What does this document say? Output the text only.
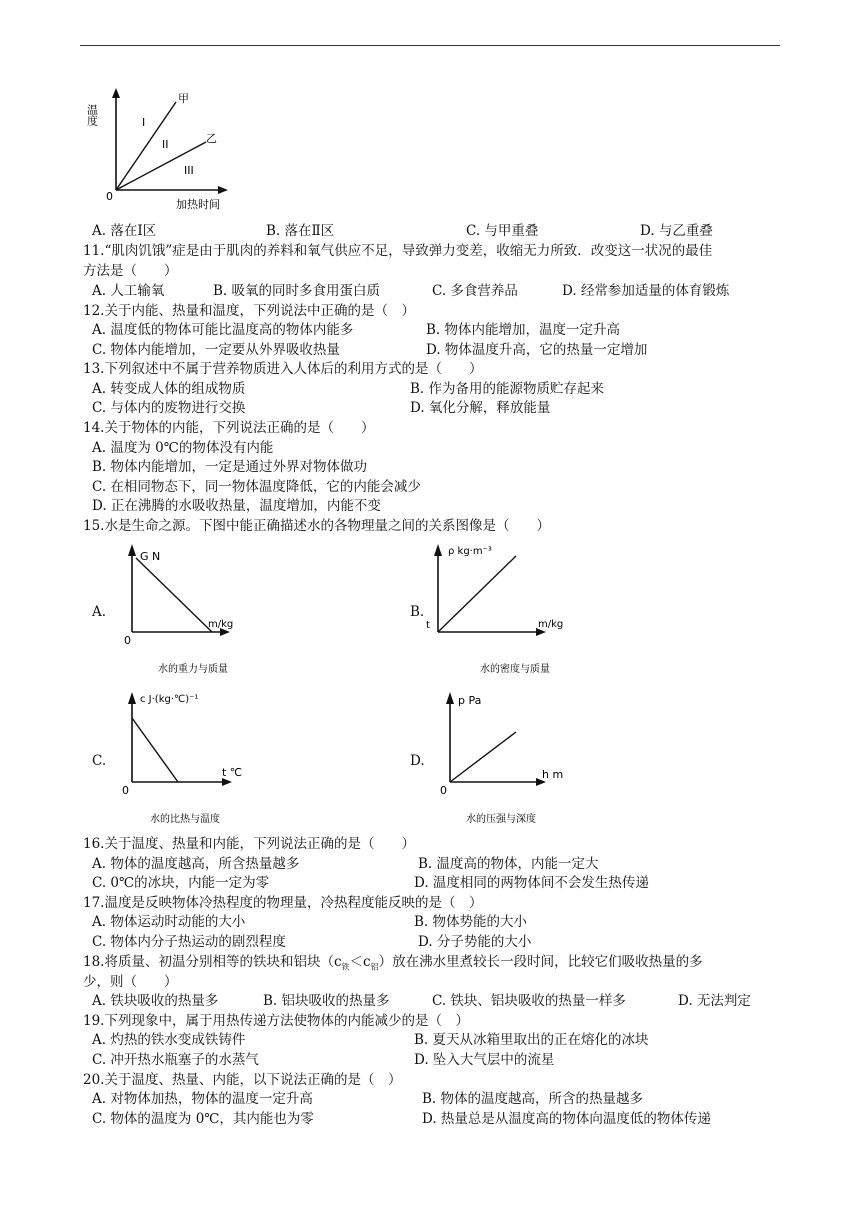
温度
甲
乙
I
II
III
0
加热时间
A. 落在Ⅰ区	B. 落在Ⅱ区	C. 与甲重叠	D. 与乙重叠
11.“肌肉饥饿”症是由于肌肉的养料和氧气供应不足，导致弹力变差，收缩无力所致．改变这一状况的最佳
方法是（　　）
A. 人工输氧	B. 吸氧的同时多食用蛋白质	C. 多食营养品	D. 经常参加适量的体育锻炼
12.关于内能、热量和温度，下列说法中正确的是（　）
A. 温度低的物体可能比温度高的物体内能多	B. 物体内能增加，温度一定升高
C. 物体内能增加，一定要从外界吸收热量	D. 物体温度升高，它的热量一定增加
13.下列叙述中不属于营养物质进入人体后的利用方式的是（　　）
A. 转变成人体的组成物质	B. 作为备用的能源物质贮存起来
C. 与体内的废物进行交换	D. 氧化分解，释放能量
14.关于物体的内能，下列说法正确的是（　　）
A. 温度为 0℃的物体没有内能
B. 物体内能增加，一定是通过外界对物体做功
C. 在相同物态下，同一物体温度降低，它的内能会减少
D. 正在沸腾的水吸收热量，温度增加，内能不变
15.水是生命之源。下图中能正确描述水的各物理量之间的关系图像是（　　）
A.
G N
m/kg
0
水的重力与质量
B.
ρ kg·m⁻³
m/kg
t
水的密度与质量
C.
c J·(kg·℃)⁻¹
t ℃
0
水的比热与温度
D.
p Pa
h m
0
水的压强与深度
16.关于温度、热量和内能，下列说法正确的是（　　）
A. 物体的温度越高，所含热量越多	B. 温度高的物体，内能一定大
C. 0℃的冰块，内能一定为零	D. 温度相同的两物体间不会发生热传递
17.温度是反映物体冷热程度的物理量，冷热程度能反映的是（　）
A. 物体运动时动能的大小	B. 物体势能的大小
C. 物体内分子热运动的剧烈程度	D. 分子势能的大小
18.将质量、初温分别相等的铁块和铝块$(c_铁<c_铝)$放在沸水里煮较长一段时间，比较它们吸收热量的多
少，则（　　）
A. 铁块吸收的热量多	B. 铝块吸收的热量多	C. 铁块、铝块吸收的热量一样多	D. 无法判定
19.下列现象中，属于用热传递方法使物体的内能减少的是（　）
A. 灼热的铁水变成铁铸件	B. 夏天从冰箱里取出的正在熔化的冰块
C. 冲开热水瓶塞子的水蒸气	D. 坠入大气层中的流星
20.关于温度、热量、内能，以下说法正确的是（　）
A. 对物体加热，物体的温度一定升高	B. 物体的温度越高，所含的热量越多
C. 物体的温度为 0℃，其内能也为零	D. 热量总是从温度高的物体向温度低的物体传递
